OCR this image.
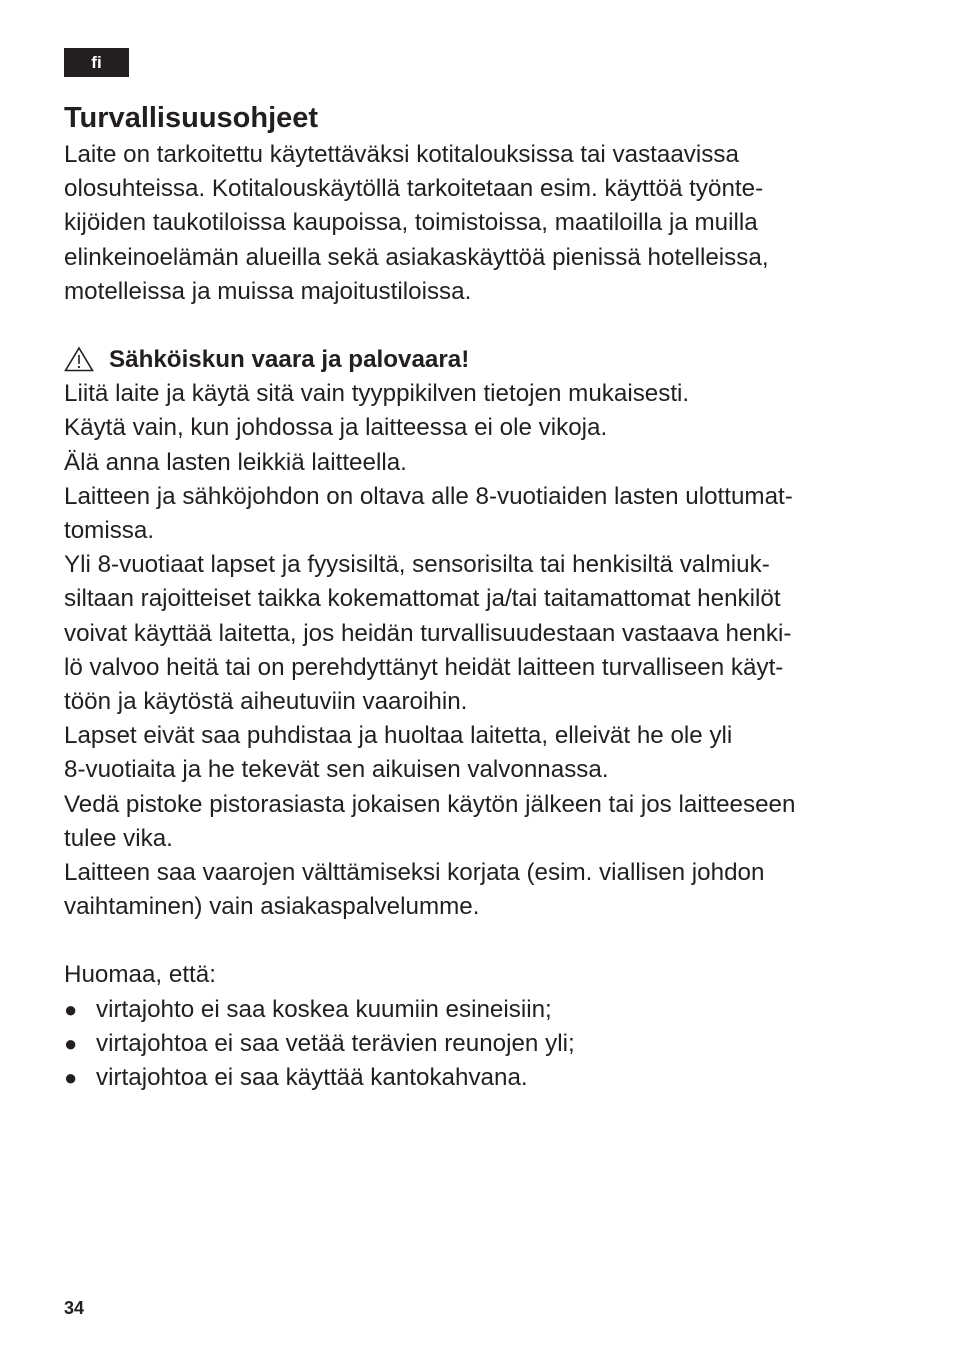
fi
Turvallisuusohjeet

Laite on tarkoitettu käytettäväksi kotitalouksissa tai vastaavissa

olosuhteissa. Kotitalouskäytöllä tarkoitetaan esim. käyttöä työnte-

kijöiden taukotiloissa kaupoissa, toimistoissa, maatiloilla ja muilla

elinkeinoelämän alueilla sekä asiakaskäyttöä pienissä hotelleissa,

motelleissa ja muissa majoitustiloissa.

Sähköiskun vaara ja palovaara!

Liitä laite ja käytä sitä vain tyyppikilven tietojen mukaisesti.

Käytä vain, kun johdossa ja laitteessa ei ole vikoja.

Älä anna lasten leikkiä laitteella.

Laitteen ja sähköjohdon on oltava alle 8-vuotiaiden lasten ulottumat-

tomissa.

Yli 8-vuotiaat lapset ja fyysisiltä, sensorisilta tai henkisiltä valmiuk-

siltaan rajoitteiset taikka kokemattomat ja/tai taitamattomat henkilöt

voivat käyttää laitetta, jos heidän turvallisuudestaan vastaava henki-

lö valvoo heitä tai on perehdyttänyt heidät laitteen turvalliseen käyt-

töön ja käytöstä aiheutuviin vaaroihin.

Lapset eivät saa puhdistaa ja huoltaa laitetta, elleivät he ole yli

8-vuotiaita ja he tekevät sen aikuisen valvonnassa.

Vedä pistoke pistorasiasta jokaisen käytön jälkeen tai jos laitteeseen

tulee vika.

Laitteen saa vaarojen välttämiseksi korjata (esim. viallisen johdon

vaihtaminen) vain asiakaspalvelumme.

Huomaa, että:

● virtajohto ei saa koskea kuumiin esineisiin;
● virtajohtoa ei saa vetää terävien reunojen yli;
● virtajohtoa ei saa käyttää kantokahvana.
34
